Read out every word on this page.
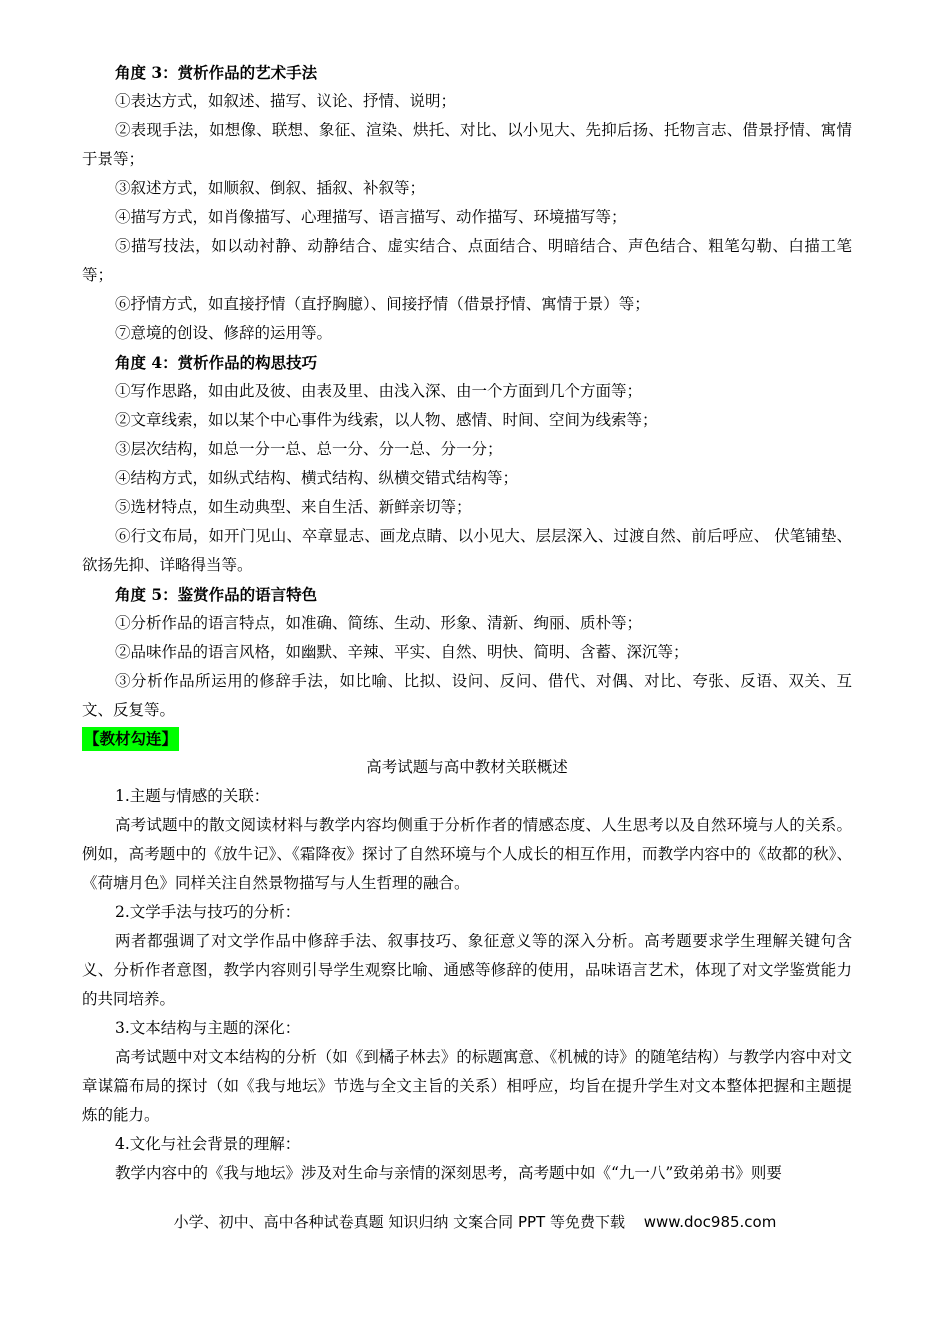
角度 3：赏析作品的艺术手法

①表达方式，如叙述、描写、议论、抒情、说明；

②表现手法，如想像、联想、象征、渲染、烘托、对比、以小见大、先抑后扬、托物言志、借景抒情、寓情于景等；

③叙述方式，如顺叙、倒叙、插叙、补叙等；

④描写方式，如肖像描写、心理描写、语言描写、动作描写、环境描写等；

⑤描写技法，如以动衬静、动静结合、虚实结合、点面结合、明暗结合、声色结合、粗笔勾勒、白描工笔等；

⑥抒情方式，如直接抒情（直抒胸臆）、间接抒情（借景抒情、寓情于景）等；

⑦意境的创设、修辞的运用等。

角度 4：赏析作品的构思技巧

①写作思路，如由此及彼、由表及里、由浅入深、由一个方面到几个方面等；

②文章线索，如以某个中心事件为线索，以人物、感情、时间、空间为线索等；

③层次结构，如总一分一总、总一分、分一总、分一分；

④结构方式，如纵式结构、横式结构、纵横交错式结构等；

⑤选材特点，如生动典型、来自生活、新鲜亲切等；

⑥行文布局，如开门见山、卒章显志、画龙点睛、以小见大、层层深入、过渡自然、前后呼应、 伏笔铺垫、欲扬先抑、详略得当等。

角度 5：鉴赏作品的语言特色

①分析作品的语言特点，如准确、简练、生动、形象、清新、绚丽、质朴等；

②品味作品的语言风格，如幽默、辛辣、平实、自然、明快、简明、含蓄、深沉等；

③分析作品所运用的修辞手法，如比喻、比拟、设问、反问、借代、对偶、对比、夸张、反语、双关、互文、反复等。

【教材勾连】

高考试题与高中教材关联概述

1.主题与情感的关联：

高考试题中的散文阅读材料与教学内容均侧重于分析作者的情感态度、人生思考以及自然环境与人的关系。例如，高考题中的《放牛记》、《霜降夜》探讨了自然环境与个人成长的相互作用，而教学内容中的《故都的秋》、《荷塘月色》同样关注自然景物描写与人生哲理的融合。

2.文学手法与技巧的分析：

两者都强调了对文学作品中修辞手法、叙事技巧、象征意义等的深入分析。高考题要求学生理解关键句含义、分析作者意图，教学内容则引导学生观察比喻、通感等修辞的使用，品味语言艺术，体现了对文学鉴赏能力的共同培养。

3.文本结构与主题的深化：

高考试题中对文本结构的分析（如《到橘子林去》的标题寓意、《机械的诗》的随笔结构）与教学内容中对文章谋篇布局的探讨（如《我与地坛》节选与全文主旨的关系）相呼应，均旨在提升学生对文本整体把握和主题提炼的能力。

4.文化与社会背景的理解：

教学内容中的《我与地坛》涉及对生命与亲情的深刻思考，高考题中如《“九一八”致弟弟书》则要

小学、初中、高中各种试卷真题 知识归纳 文案合同 PPT 等免费下载 www.doc985.com
